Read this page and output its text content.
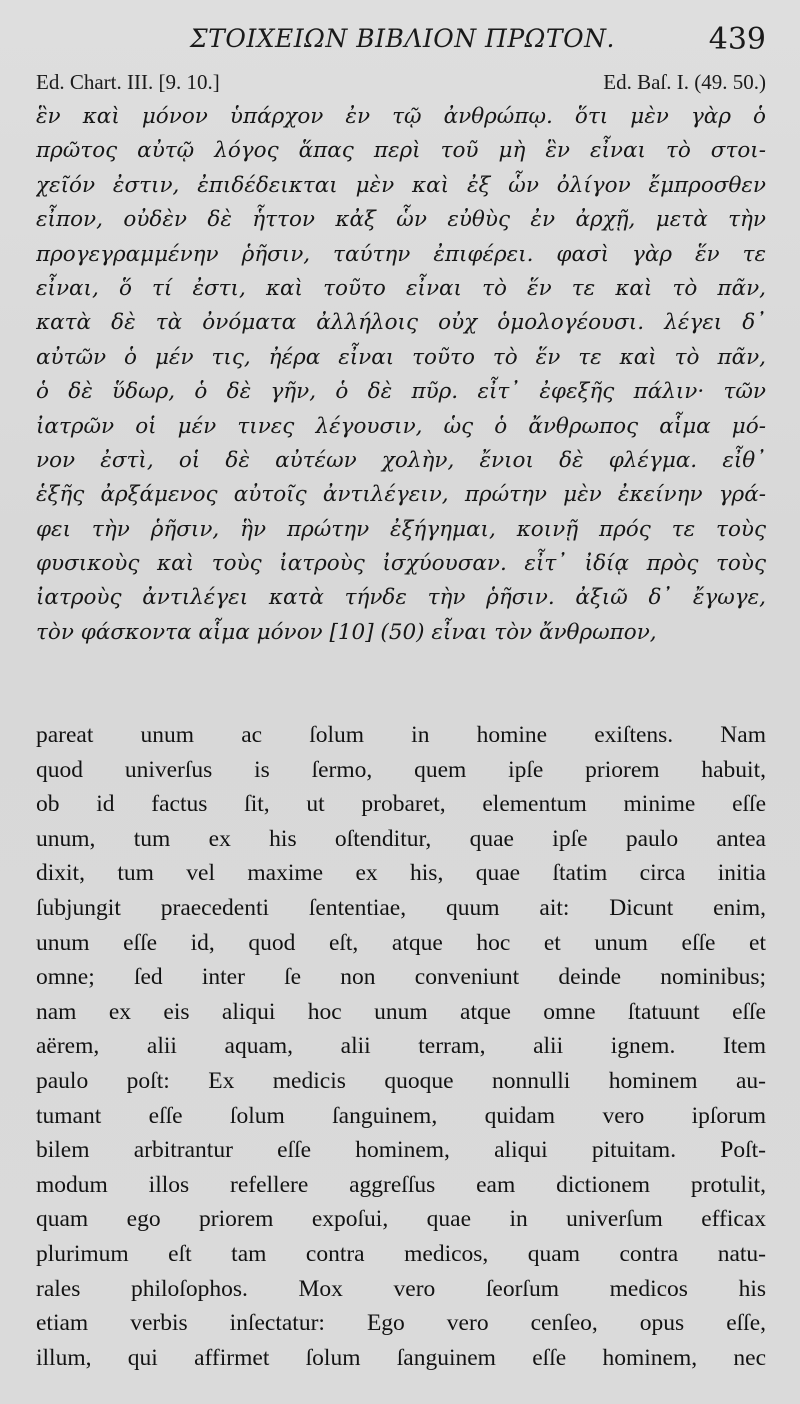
ΣΤΟΙΧΕΙΩΝ ΒΙΒΛΙΟΝ ΠΡΩΤΟΝ.	439
Ed. Chart. III. [9. 10.]	Ed. Baſ. I. (49. 50.)
ἓν καὶ μόνον ὑπάρχον ἐν τῷ ἀνθρώπῳ. ὅτι μὲν γὰρ ὁ
πρῶτος αὐτῷ λόγος ἅπας περὶ τοῦ μὴ ἓν εἶναι τὸ στοι-
χεῖόν ἐστιν, ἐπιδέδεικται μὲν καὶ ἐξ ὧν ὀλίγον ἔμπροσθεν
εἶπον, οὐδὲν δὲ ἧττον κἀξ ὧν εὐθὺς ἐν ἀρχῇ, μετὰ τὴν
προγεγραμμένην ῥῆσιν, ταύτην ἐπιφέρει. φασὶ γὰρ ἕν τε
εἶναι, ὅ τί ἐστι, καὶ τοῦτο εἶναι τὸ ἕν τε καὶ τὸ πᾶν,
κατὰ δὲ τὰ ὀνόματα ἀλλήλοις οὐχ ὁμολογέουσι. λέγει δ᾽
αὐτῶν ὁ μέν τις, ἠέρα εἶναι τοῦτο τὸ ἕν τε καὶ τὸ πᾶν,
ὁ δὲ ὕδωρ, ὁ δὲ γῆν, ὁ δὲ πῦρ. εἶτ᾽ ἐφεξῆς πάλιν· τῶν
ἰατρῶν οἱ μέν τινες λέγουσιν, ὡς ὁ ἄνθρωπος αἷμα μό-
νον ἐστὶ, οἱ δὲ αὐτέων χολὴν, ἔνιοι δὲ φλέγμα. εἶθ᾽
ἑξῆς ἀρξάμενος αὐτοῖς ἀντιλέγειν, πρώτην μὲν ἐκείνην γρά-
φει τὴν ῥῆσιν, ἣν πρώτην ἐξήγημαι, κοινῇ πρός τε τοὺς
φυσικοὺς καὶ τοὺς ἰατροὺς ἰσχύουσαν. εἶτ᾽ ἰδίᾳ πρὸς τοὺς
ἰατροὺς ἀντιλέγει κατὰ τήνδε τὴν ῥῆσιν. ἀξιῶ δ᾽ ἔγωγε,
τὸν φάσκοντα αἷμα μόνον [10] (50) εἶναι τὸν ἄνθρωπον,
pareat unum ac ſolum in homine exiſtens. Nam
quod univerſus is ſermo, quem ipſe priorem habuit,
ob id factus ſit, ut probaret, elementum minime eſſe
unum, tum ex his oſtenditur, quae ipſe paulo antea
dixit, tum vel maxime ex his, quae ſtatim circa initia
ſubjungit praecedenti ſententiae, quum ait: Dicunt enim,
unum eſſe id, quod eſt, atque hoc et unum eſſe et
omne; ſed inter ſe non conveniunt deinde nominibus;
nam ex eis aliqui hoc unum atque omne ſtatuunt eſſe
aërem, alii aquam, alii terram, alii ignem. Item
paulo poſt: Ex medicis quoque nonnulli hominem au-
tumant eſſe ſolum ſanguinem, quidam vero ipſorum
bilem arbitrantur eſſe hominem, aliqui pituitam. Poſt-
modum illos refellere aggreſſus eam dictionem protulit,
quam ego priorem expoſui, quae in univerſum efficax
plurimum eſt tam contra medicos, quam contra natu-
rales philoſophos. Mox vero ſeorſum medicos his
etiam verbis inſectatur: Ego vero cenſeo, opus eſſe,
illum, qui affirmet ſolum ſanguinem eſſe hominem, nec
